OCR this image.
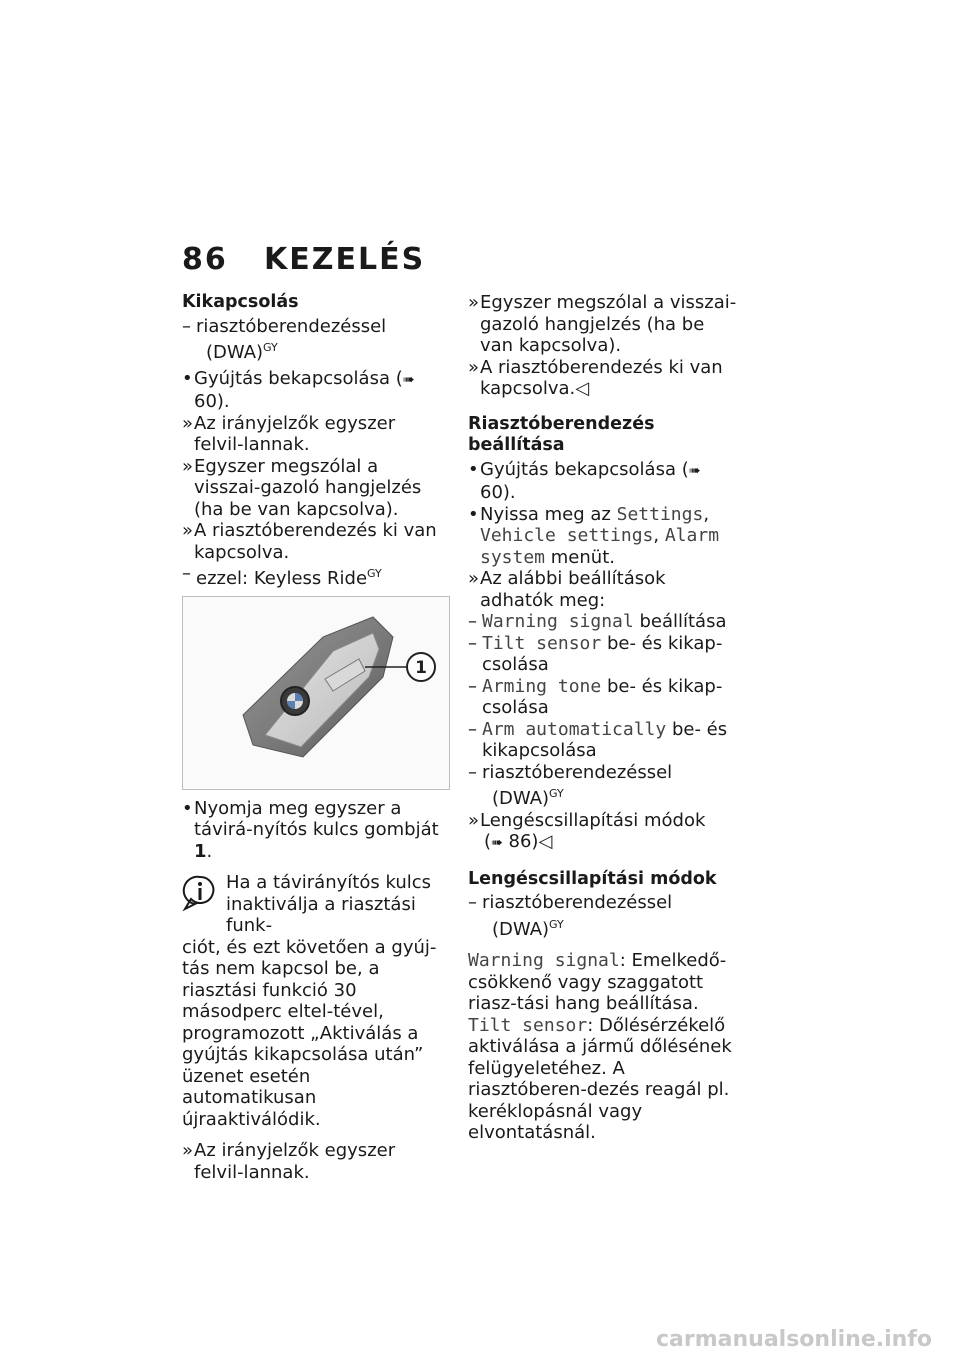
86 KEZELÉS
Kikapcsolás
– riasztóberendezéssel
(DWA)$^{GY}$
• Gyújtás bekapcsolása (➠ 60).
» Az irányjelzők egyszer felvil-lannak.
» Egyszer megszólal a visszai-gazoló hangjelzés (ha be van kapcsolva).
» A riasztóberendezés ki van kapcsolva.
– ezzel: Keyless Ride$^{GY}$
1
• Nyomja meg egyszer a távirá-nyítós kulcs gombját 1.
Ha a távirányítós kulcs inaktiválja a riasztási funk-
ciót, és ezt követően a gyúj-tás nem kapcsol be, a riasztási funkció 30 másodperc eltel-tével, programozott „Aktiválás a gyújtás kikapcsolása után” üzenet esetén automatikusan újraaktiválódik.
» Az irányjelzők egyszer felvil-lannak.
» Egyszer megszólal a visszai-gazoló hangjelzés (ha be van kapcsolva).
» A riasztóberendezés ki van kapcsolva.◁
Riasztóberendezés beállítása
• Gyújtás bekapcsolása (➠ 60).
• Nyissa meg az Settings, Vehicle settings, Alarm system menüt.
» Az alábbi beállítások adhatók meg:
– Warning signal beállítása
– Tilt sensor be- és kikap-csolása
– Arming tone be- és kikap-csolása
– Arm automatically be- és kikapcsolása
– riasztóberendezéssel
(DWA)$^{GY}$
» Lengéscsillapítási módok
(➠ 86)◁
Lengéscsillapítási módok
– riasztóberendezéssel
(DWA)$^{GY}$

Warning signal: Emelkedő-csökkenő vagy szaggatott riasz-tási hang beállítása.

Tilt sensor: Dőlésérzékelő aktiválása a jármű dőlésének felügyeletéhez. A riasztóberen-dezés reagál pl. keréklopásnál vagy elvontatásnál.

carmanualsonline.info
